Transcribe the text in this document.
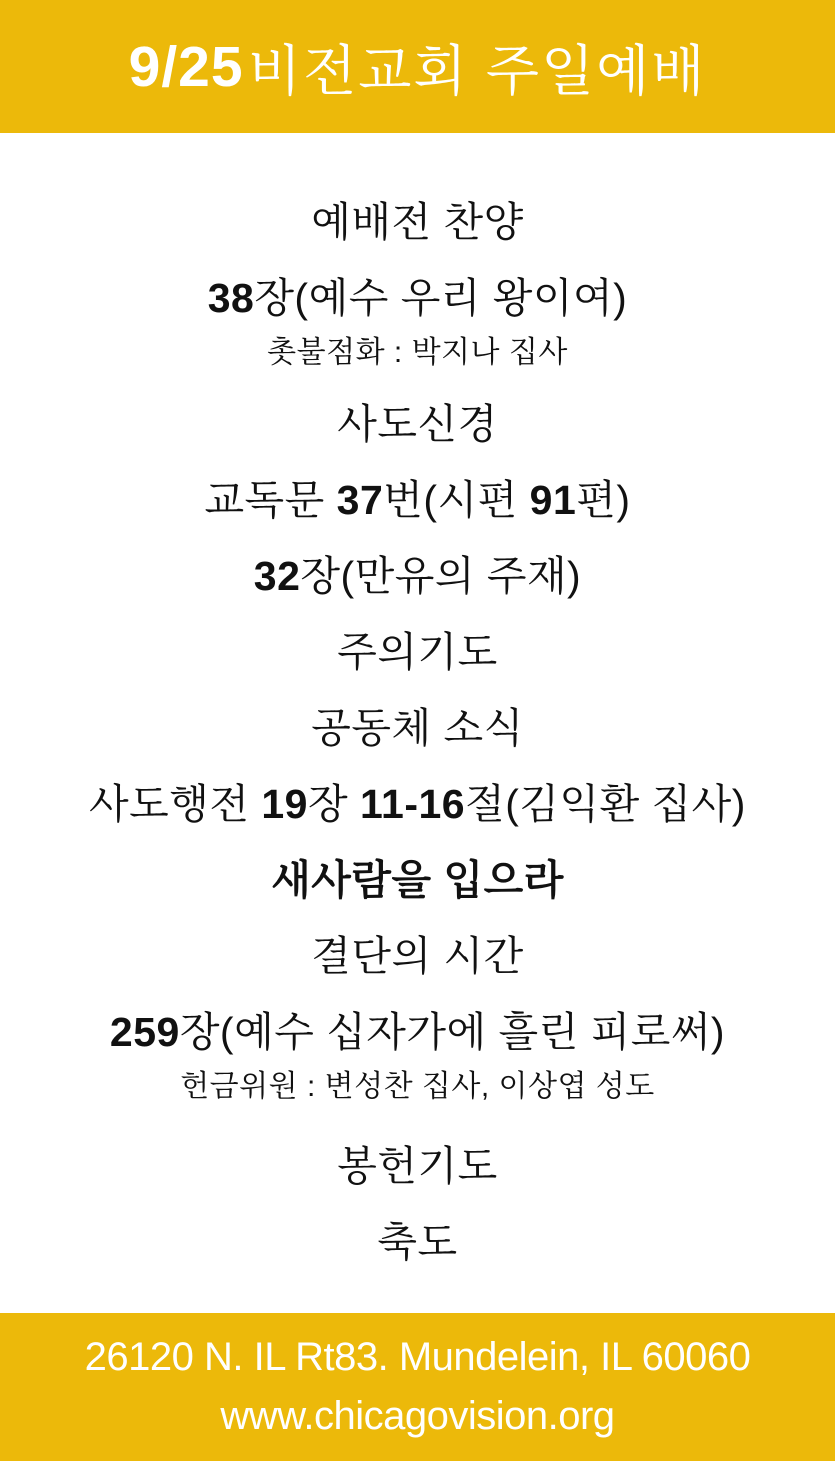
9/25
비전교회 주일예배
예배전 찬양
38장(예수 우리 왕이여)
촛불점화 : 박지나 집사
사도신경
교독문 37번(시편 91편)
32장(만유의 주재)
주의기도
공동체 소식
사도행전 19장 11-16절(김익환 집사)
새사람을 입으라
결단의 시간
259장(예수 십자가에 흘린 피로써)
헌금위원 : 변성찬 집사, 이상엽 성도
봉헌기도
축도
26120 N. IL Rt83. Mundelein, IL 60060
www.chicagovision.org
